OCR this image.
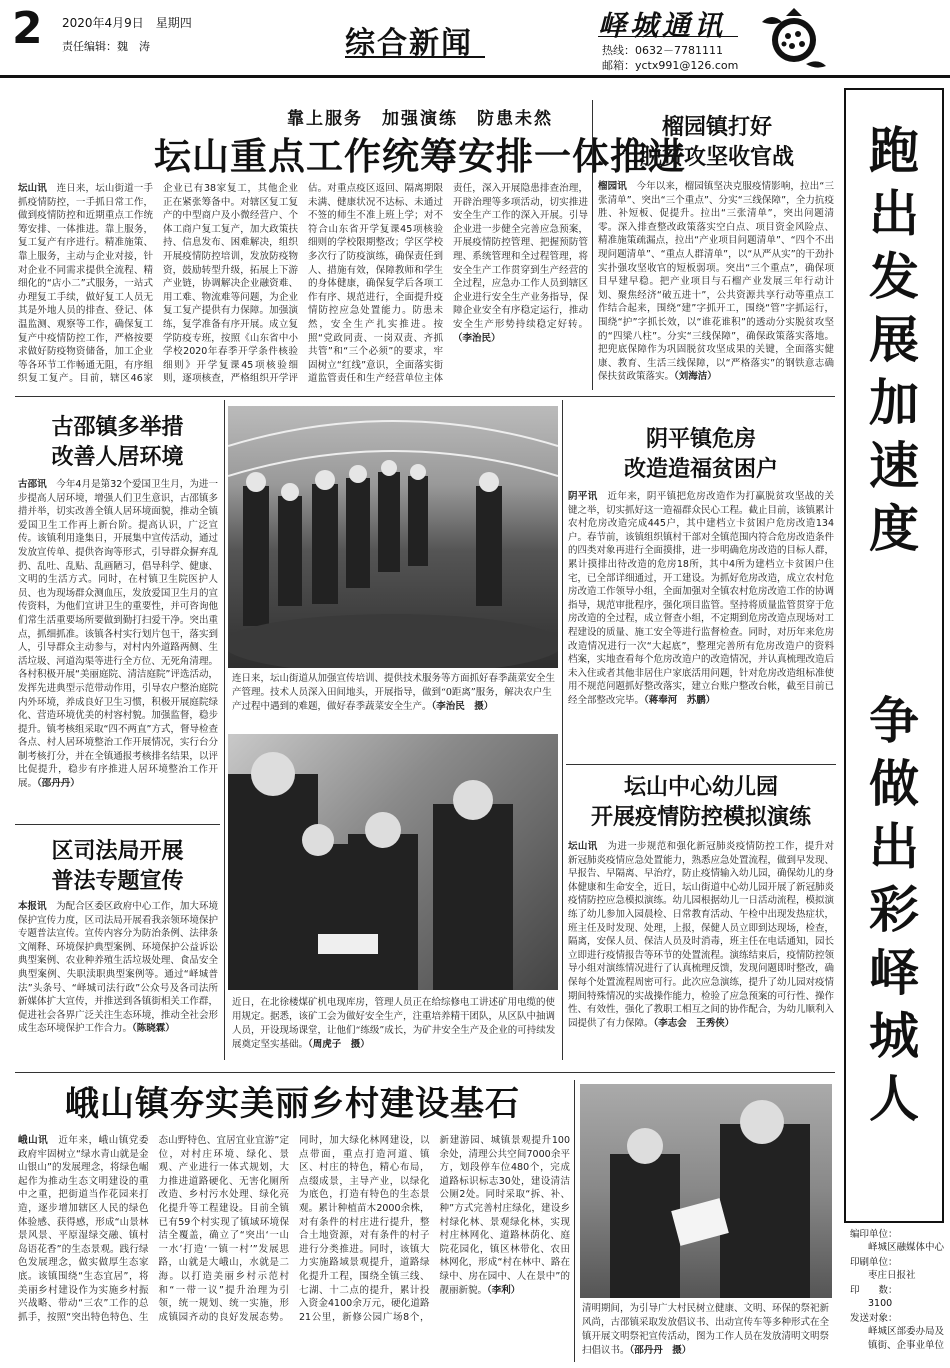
2 2020年4月9日　星期四
责任编辑：魏　涛	综合新闻
峄城通讯
热线：0632－7781111
邮箱：yctx991@126.com
靠上服务　加强演练　防患未然
坛山重点工作统筹安排一体推进
坛山讯　 连日来，坛山街道一手抓疫情防控，一手抓日常工作，做到疫情防控和近期重点工作统筹安排、一体推进。靠上服务，复工复产有序进行。精准施策、靠上服务，主动与企业对接，针对企业不同需求提供全流程、精细化的“店小二”式服务，一站式办理复工手续，做好复工人员无其是外地人员的排查、登记、体温监测、观察等工作，确保复工复产中疫情防控工作，严格按要求做好防疫物资储备，加工企业等各环节工作畅通无阻，有序组织复工复产。目前，辖区46家企业已有38家复工，其他企业正在紧张筹备中。对辖区复工复产的中型商户及小微经营户、个体工商户复工复产，加大政策扶持、信息发布、困难解决，组织开展疫情防控培训，发放防疫物资，鼓励转型升级，拓展上下游产业链，协调解决企业融资难、用工难、物流难等问题，为企业复工复产提供有力保障。加强演练，复学准备有序开展。成立复学防疫专班，按照《山东省中小学校2020年春季开学条件核验细则》开学复课45项核验细则，逐项核查，严格组织开学评估。对重点疫区返回、隔离期限未满、健康状况不达标、未通过不签的师生不准上班上学；对不符合山东省开学复课45项核验细则的学校限期整改；学区学校多次行了防疫演练，确保责任到人、措施有效，保障教师和学生的身体健康，确保复学后各项工作有序、规范进行，全面提升疫情防控应急处置能力。防患未然，安全生产扎实推进。按照“党政同责、一岗双责、齐抓共管”和“三个必须”的要求，牢固树立“红线”意识，全面落实街道监管责任和生产经营单位主体责任，深入开展隐患排查治理，开辟治理等多项活动，切实推进安全生产工作的深入开展。引导企业进一步健全完善应急预案，开展疫情防控管理、把握预防管理、系统管理和全过程管理，将安全生产工作贯穿到生产经营的全过程，应急办工作人员到辖区企业进行安全生产业务指导，保障企业安全有序稳定运行，推动安全生产形势持续稳定好转。（李治民）
榴园镇打好
脱贫攻坚收官战
榴园讯　 今年以来，榴园镇坚决克服疫情影响，拉出“三张清单”、突出“三个重点”、分实“三线保障”，全力抗疫胜、补短板、促提升。拉出“三张清单”，突出问题清零。深入排查整改政策落实空白点、项目资金风险点、精准施策疏漏点，拉出“产业项目问题清单”、“四个不出现问题清单”、“重点人群清单”，以“从严从实”的干劲扑实扑强攻坚收官的短板弱项。突出“三个重点”，确保项目早建早稳。把产业项目与石榴产业发展三年行动计划、聚焦经济“破五进十”，公共资源共享行动等重点工作结合起来，围绕“建”字抓开工，围绕“管”字抓运行，围绕“护”字抓长效，以“谁花谁积”的透动分实脱贫攻坚的“四梁八柱”。分实“三线保障”，确保政策落实落地。把兜底保障作为巩固脱贫攻坚成果的关键，全面落实健康、教育、生活三线保障，以“严格落实”的钢铁意志确保扶贫政策落实。（刘海洁）
古邵镇多举措
改善人居环境
古邵讯　 今年4月是第32个爱国卫生月，为进一步提高人居环境，增强人们卫生意识，古邵镇多措并举，切实改善全镇人居环境面貌，推动全镇爱国卫生工作再上新台阶。提高认识，广泛宣传。该镇利用逢集日，开展集中宣传活动，通过发放宣传单、提供咨询等形式，引导群众摒弃乱扔、乱吐、乱贴、乱画陋习，倡导科学、健康、文明的生活方式。同时，在村镇卫生院医护人员、也为现场群众测血压，发放爱国卫生月的宣传资料，为他们宣讲卫生的重要性，并可咨询他们常生活重要场所要做到勤打扫爱干净。突出重点，抓细抓准。该镇各村实行划片包干，落实到人，引导群众主动参与，对村内外道路两侧、生活垃圾、河道沟渠等进行全方位、无死角清理。各村积极开展“美丽庭院、清洁庭院”评选活动，发挥先进典型示范带动作用，引导农户整治庭院内外环境，养成良好卫生习惯，积极开展庭院绿化、营造环境优美的村容村貌。加强监督，稳步提升。镇考核组采取“四不两直”方式，督导检查各点、村人居环境整治工作开展情况，实行台分制考核打分，并在全镇通报考核排名结果，以评比促提升，稳步有序推进人居环境整治工作开展。（邵丹丹）
区司法局开展
普法专题宣传
本报讯　 为配合区委区政府中心工作，加大环境保护宣传力度，区司法局开展看我亲领环境保护专题普法宣传。宣传内容分为防治条例、法律条文阐释、环境保护典型案例、环境保护公益诉讼典型案例、农业种养殖生活垃圾处理、食品安全典型案例、失职渎职典型案例等。通过“峄城普法”头条号、“峄城司法行政”公众号及各司法所新媒体扩大宣传，并推送到各镇街相关工作群，促进社会各界广泛关注生态环境，推动全社会形成生态环境保护工作合力。（陈晓霖）
连日来，坛山街道从加强宣传培训、提供技术服务等方面抓好春季蔬菜安全生产管理。技术人员深入田间地头，开展指导，做到“0距离”服务，解决农户生产过程中遇到的难题，做好春季蔬菜安全生产。（李治民　摄）
近日，在北徐楼煤矿机电现库房，管理人员正在给综修电工讲述矿用电缆的使用规定。据悉，该矿工会为做好安全生产，注重培养精干团队，从区队中抽调人员，开设现场课堂，让他们“练级”成长，为矿井安全生产及企业的可持续发展奠定坚实基础。（周虎子　摄）
阴平镇危房
改造造福贫困户
阴平讯　 近年来，阴平镇把危房改造作为打赢脱贫攻坚战的关键之举，切实抓好这一造福群众民心工程。截止目前，该镇累计农村危房改造完成445户，其中建档立卡贫困户危房改造134户。春节前，该镇组织镇村干部对全镇范围内符合危房改造条件的四类对象再进行全面摸排，进一步明确危房改造的目标人群，累计摸排出待改造的危房18所，其中4所为建档立卡贫困户住宅，已全部详细通过，开工建设。为抓好危房改造，成立农村危房改造工作领导小组，全面加强对全镇农村危房改造工作的协调指导，规范审批程序，强化项目监管。坚持将质量监管贯穿于危房改造的全过程，成立督查小组，不定期到危房改造点现场对工程建设的质量、施工安全等进行监督检查。同时，对历年来危房改造情况进行一次“大起底”，整理完善所有危房改造户的资料档案，实地查看每个危房改造户的改造情况，并认真梳理改造后未入住或者其他非居住户家底活用问题，针对危房改造组标准使用不规范问题抓好整改落实，建立台账户整改台帐，截至目前已经全部整改完毕。（蒋奉河　苏鹏）
坛山中心幼儿园
开展疫情防控模拟演练
坛山讯　 为进一步规范和强化新冠肺炎疫情防控工作，提升对新冠肺炎疫情应急处置能力，熟悉应急处置流程，做到早发现、早报告、早隔离、早治疗，防止疫情输入幼儿园，确保幼儿的身体健康和生命安全，近日，坛山街道中心幼儿园开展了新冠肺炎疫情防控应急模拟演练。幼儿园根据幼儿一日活动流程，模拟演练了幼儿参加入园晨检、日常教育活动、午检中出现发热症状，班主任及时发现、处理，上报，保健人员立即到达现场，检查，隔离，安保人员、保洁人员及时消毒，班主任在电话通知，园长立即进行疫情报告等环节的处置流程。演练结束后，疫情防控领导小组对演练情况进行了认真梳理反馈，发现问题即时整改，确保每个处置流程周密可行。此次应急演练，提升了幼儿园对疫情期间特殊情况的实战操作能力，检验了应急预案的可行性、操作性、有效性，强化了教职工相互之间的协作配合，为幼儿顺利入园提供了有力保障。（李志会　王秀侠）
峨山镇夯实美丽乡村建设基石
峨山讯　 近年来，峨山镇党委政府牢固树立“绿水青山就是金山银山”的发展理念，将绿色崛起作为推动生态文明建设的重中之重，把街道当作花园来打造，逐步增加辖区人民的绿色体验感、获得感，形成“山景林景风景、平原湿绿交融、镇村岛语花香”的生态景观。践行绿色发展理念，做实做厚生态家底。该镇围绕“生态宜居”，将美丽乡村建设作为实施乡村振兴战略、带动“三农”工作的总抓手，按照“突出特色特色、生态山野特色、宜居宜业宜游”定位，对村庄环境、绿化、景观、产业进行一体式规划，大力推进道路硬化、无害化厕所改造、乡村污水处理、绿化亮化提升等工程建设。目前全镇已有59个村实现了镇域环境保洁全覆盖，确立了“突出‘一山一水’打造‘一镇一村’”发展思路，山就是大峨山，水就是二海。以打造美丽乡村示范村和“一带一议”提升治理为引领，统一规划、统一实施，形成镇园齐动的良好发展态势。同时，加大绿化林网建设，以点带面，重点打造河道、镇区、村庄的特色，精心布局，点缀成景，主导产业，以绿化为底色，打造有特色的生态景观。累计种植苗木2000余株，对有条件的村庄进行提升，整合土地资源，对有条件的村子进行分类推进。同时，该镇大力实施路域景观提升，道路绿化提升工程，围绕全镇三线、七湖、十二点的提升，累计投入资金4100余万元，硬化道路21公里，新修公园广场8个，新建游园、城镇景观提升100余处，清理公共空间7000余平方，划段停车位480个，完成道路标识标志30处，建设清洁公厕2处。同时采取“拆、补、种”方式完善村庄绿化，建设乡村绿化林、景观绿化林，实现村庄林网化、道路林荫化、庭院花园化，镇区林带化、农田林网化，形成“村在林中、路在绿中、房在园中、人在景中”的靓丽新貌。（李利）
清明期间，为引导广大村民树立健康、文明、环保的祭祀新风尚，古邵镇采取发放倡议书、出动宣传车等多种形式在全镇开展文明祭祀宣传活动，图为工作人员在发放清明文明祭扫倡议书。（邵丹丹　摄）
跑
出
发
展
加
速
度
争
做
出
彩
峄
城
人
编印单位：
峄城区融媒体中心
印刷单位：
枣庄日报社
印　　数：
3100
发送对象：
峄城区部委办局及镇街、企事业单位
